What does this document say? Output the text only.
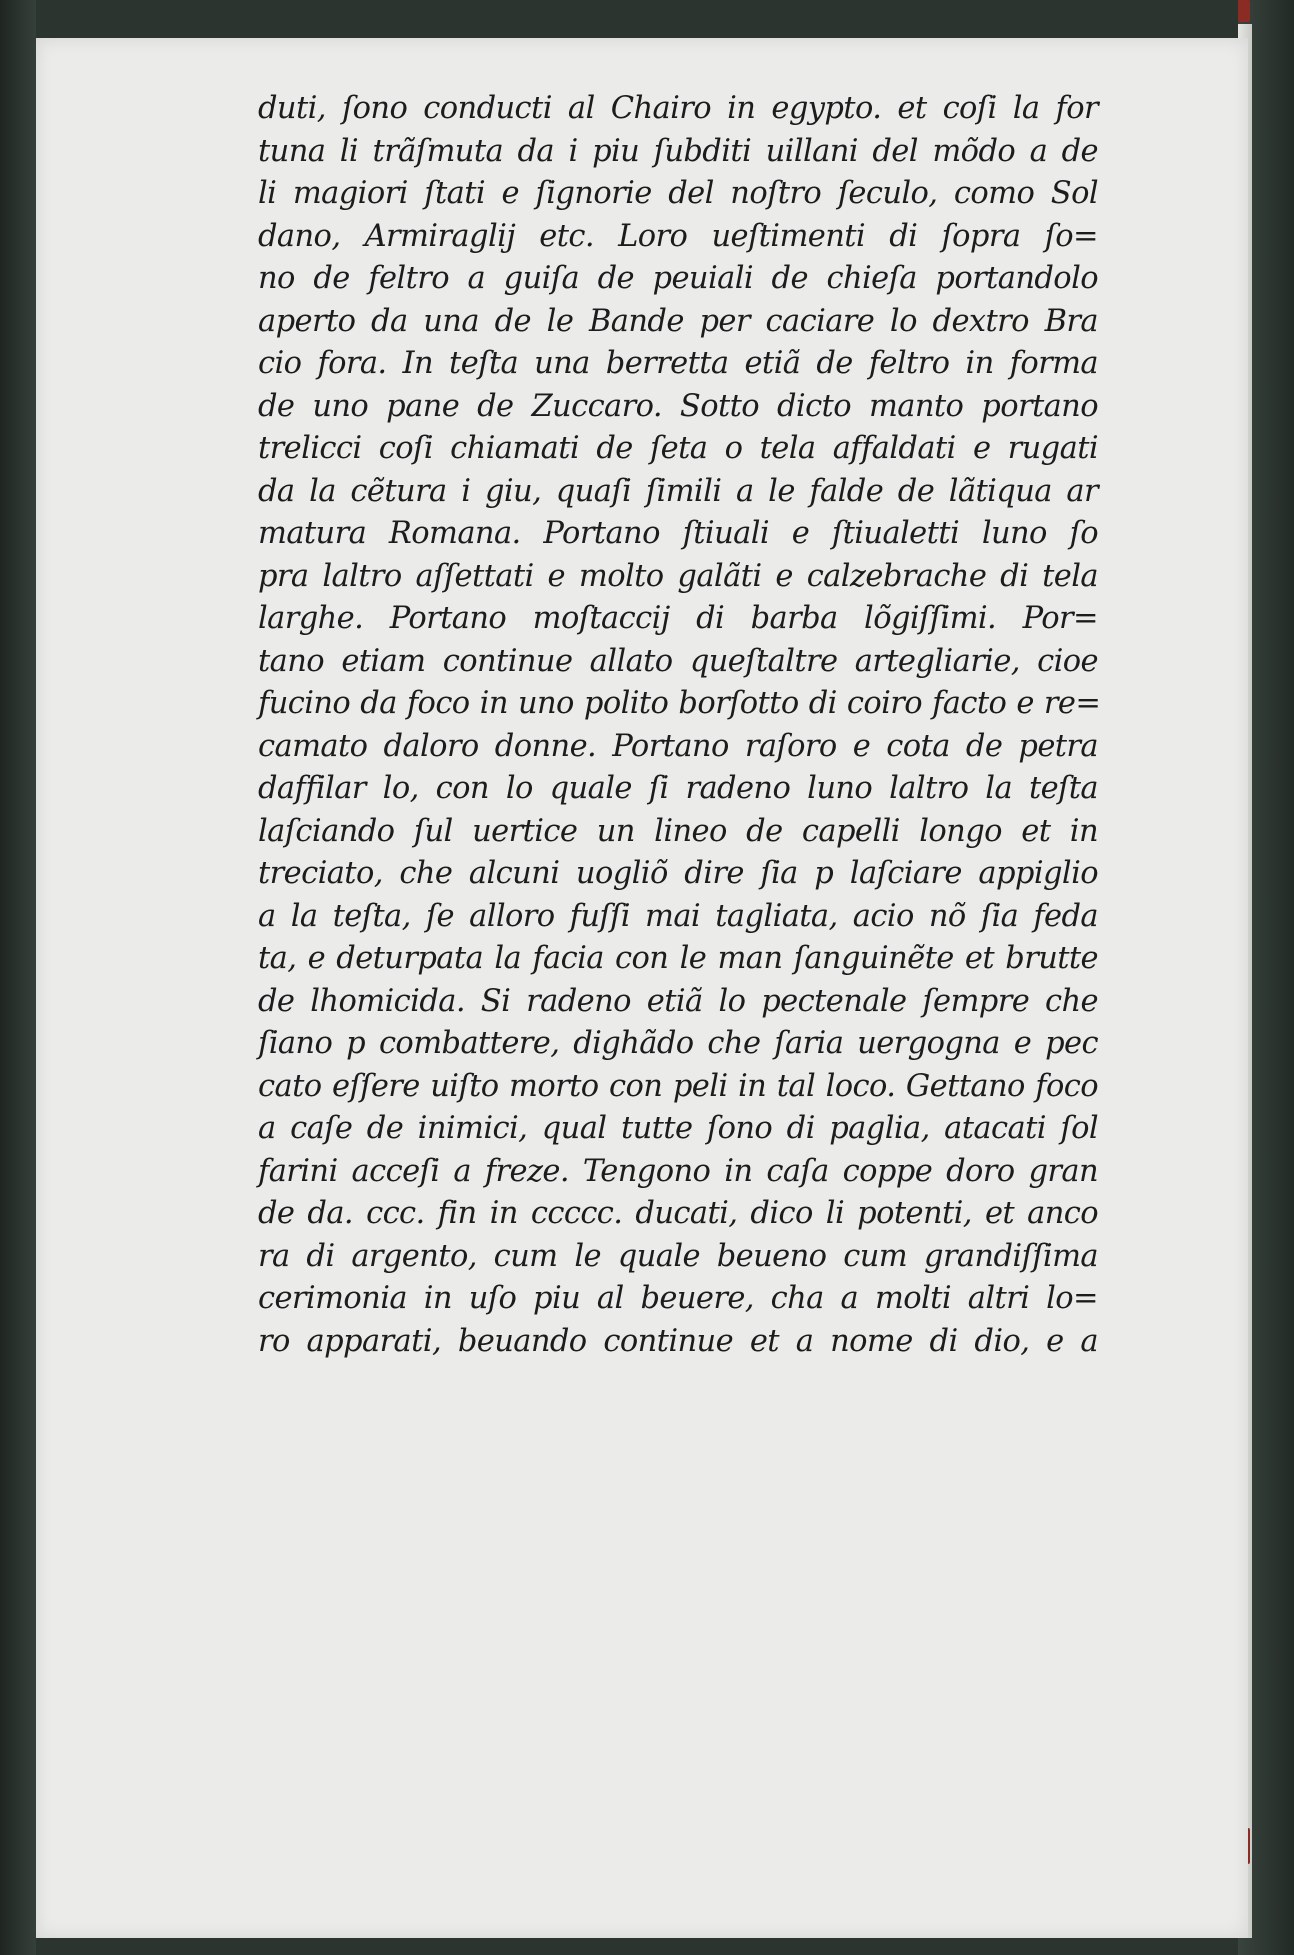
duti, ſono conducti al Chairo in egypto. et coſi la for
tuna li trãſmuta da i piu ſubditi uillani del mõdo a de
li magiori ſtati e ſignorie del noſtro ſeculo, como Sol
dano, Armiraglij etc. Loro ueſtimenti di ſopra ſo=
no de feltro a guiſa de peuiali de chieſa portandolo
aperto da una de le Bande per caciare lo dextro Bra
cio fora. In teſta una berretta etiã de feltro in forma
de uno pane de Zuccaro. Sotto dicto manto portano
trelicci coſi chiamati de ſeta o tela affaldati e rugati
da la cẽtura i giu, quaſi ſimili a le falde de lãtiqua ar
matura Romana. Portano ſtiuali e ſtiualetti luno ſo
pra laltro aſſettati e molto galãti e calzebrache di tela
larghe. Portano moſtaccij di barba lõgiſſimi. Por=
tano etiam continue allato queſtaltre artegliarie, cioe
fucino da foco in uno polito borſotto di coiro facto e re=
camato daloro donne. Portano raſoro e cota de petra
daffilar lo, con lo quale ſi radeno luno laltro la teſta
laſciando ſul uertice un lineo de capelli longo et in
treciato, che alcuni uogliõ dire ſia p laſciare appiglio
a la teſta, ſe alloro fuſſi mai tagliata, acio nõ ſia feda
ta, e deturpata la facia con le man ſanguinẽte et brutte
de lhomicida. Si radeno etiã lo pectenale ſempre che
ſiano p combattere, dighãdo che ſaria uergogna e pec
cato eſſere uiſto morto con peli in tal loco. Gettano foco
a caſe de inimici, qual tutte ſono di paglia, atacati ſol
farini acceſi a freze. Tengono in caſa coppe doro gran
de da. ccc. fin in ccccc. ducati, dico li potenti, et anco
ra di argento, cum le quale beueno cum grandiſſima
cerimonia in uſo piu al beuere, cha a molti altri lo=
ro apparati, beuando continue et a nome di dio, e a
